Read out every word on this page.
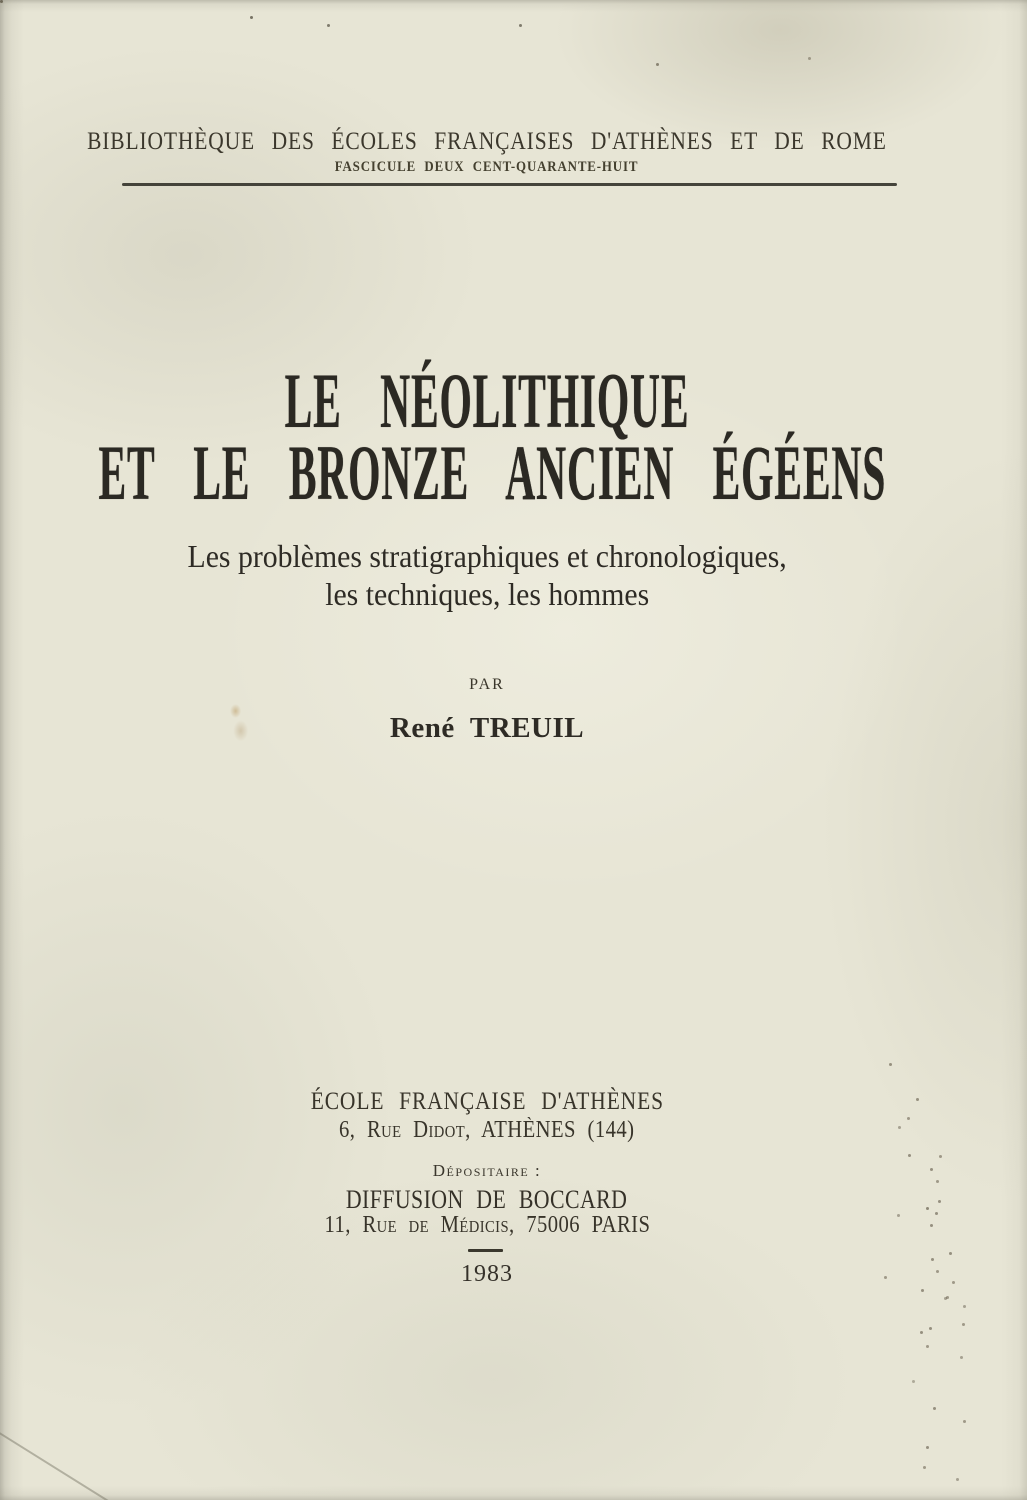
BIBLIOTHÈQUE DES ÉCOLES FRANÇAISES D'ATHÈNES ET DE ROME
FASCICULE DEUX CENT-QUARANTE-HUIT
LE NÉOLITHIQUE
ET LE BRONZE ANCIEN ÉGÉENS
Les problèmes stratigraphiques et chronologiques,
les techniques, les hommes
PAR
René TREUIL
ÉCOLE FRANÇAISE D'ATHÈNES
6, Rue Didot, ATHÈNES (144)
Dépositaire :
DIFFUSION DE BOCCARD
11, Rue de Médicis, 75006 PARIS
1983
